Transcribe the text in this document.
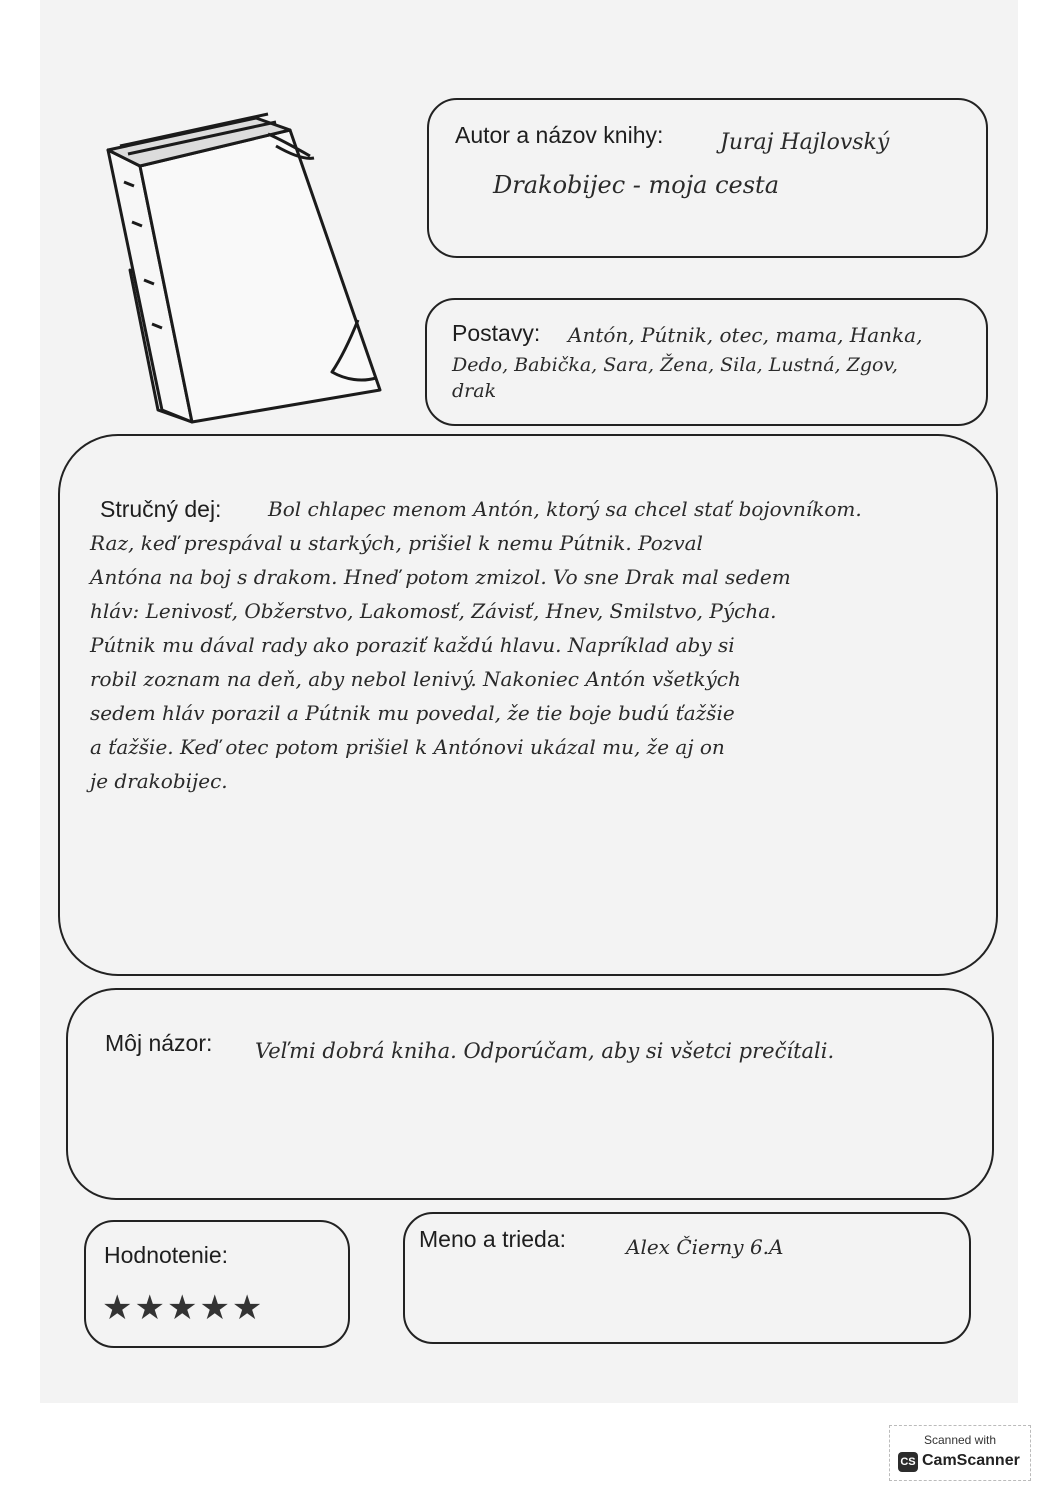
Autor a názov knihy:	Juraj Hajlovský
Drakobijec - moja cesta
Postavy: Antón, Pútnik, otec, mama, Hanka,
Dedo, Babička, Sara, Žena, Sila, Lustná, Zgov,
drak
Stručný dej: Bol chlapec menom Antón, ktorý sa chcel stať bojovníkom.
Raz, keď prespával u starkých, prišiel k nemu Pútnik. Pozval
Antóna na boj s drakom. Hneď potom zmizol. Vo sne Drak mal sedem
hláv: Lenivosť, Obžerstvo, Lakomosť, Závisť, Hnev, Smilstvo, Pýcha.
Pútnik mu dával rady ako poraziť každú hlavu. Napríklad aby si
robil zoznam na deň, aby nebol lenivý. Nakoniec Antón všetkých
sedem hláv porazil a Pútnik mu povedal, že tie boje budú ťažšie
a ťažšie. Keď otec potom prišiel k Antónovi ukázal mu, že aj on
je drakobijec.
Môj názor: Veľmi dobrá kniha. Odporúčam, aby si všetci prečítali.
Hodnotenie:
★★★★★
Meno a trieda:	Alex Čierny 6.A
Scanned with
CS CamScanner
